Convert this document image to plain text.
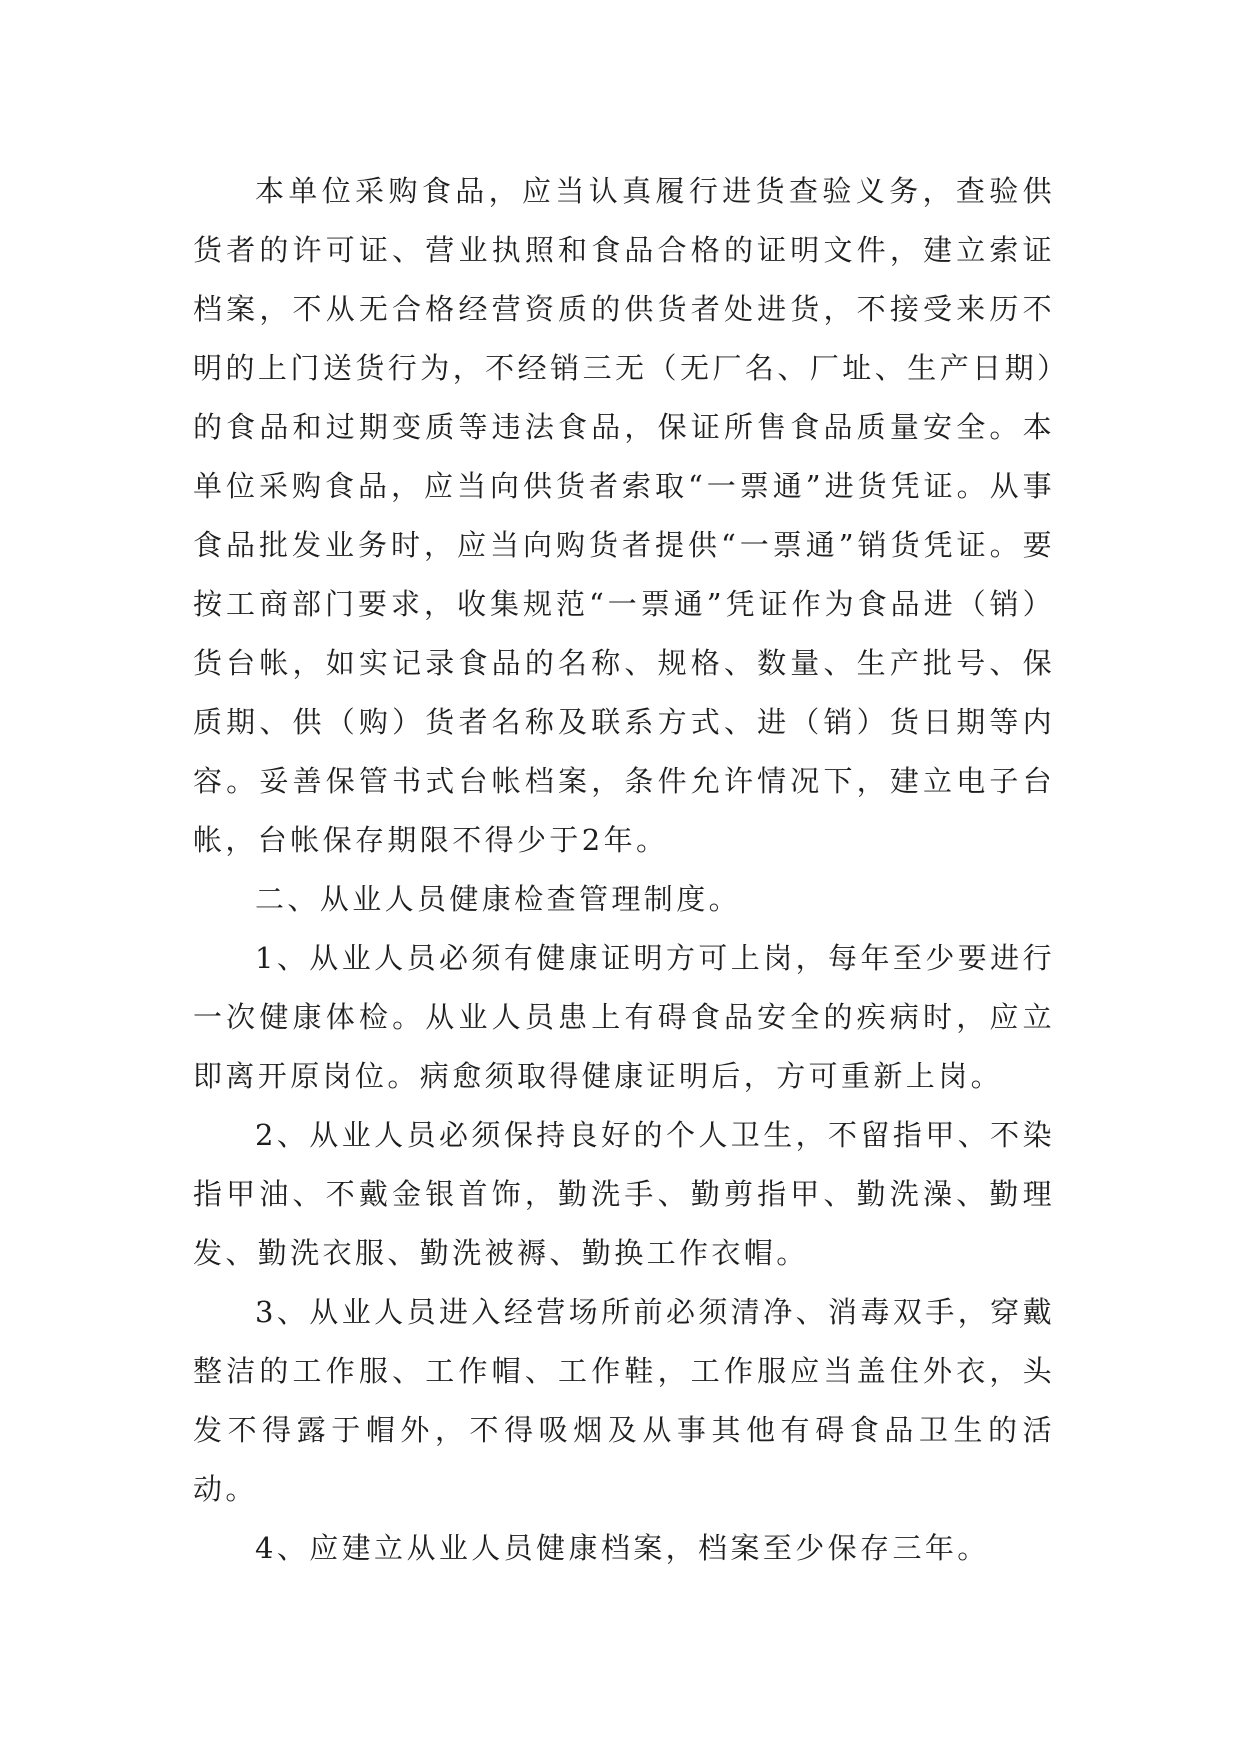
本单位采购食品，应当认真履行进货查验义务，查验供货者的许可证、营业执照和食品合格的证明文件，建立索证档案，不从无合格经营资质的供货者处进货，不接受来历不明的上门送货行为，不经销三无（无厂名、厂址、生产日期）的食品和过期变质等违法食品，保证所售食品质量安全。本单位采购食品，应当向供货者索取“一票通”进货凭证。从事食品批发业务时，应当向购货者提供“一票通”销货凭证。要按工商部门要求，收集规范“一票通”凭证作为食品进（销）货台帐，如实记录食品的名称、规格、数量、生产批号、保质期、供（购）货者名称及联系方式、进（销）货日期等内容。妥善保管书式台帐档案，条件允许情况下，建立电子台帐，台帐保存期限不得少于2年。

二、从业人员健康检查管理制度。

1、从业人员必须有健康证明方可上岗，每年至少要进行一次健康体检。从业人员患上有碍食品安全的疾病时，应立即离开原岗位。病愈须取得健康证明后，方可重新上岗。

2、从业人员必须保持良好的个人卫生，不留指甲、不染指甲油、不戴金银首饰，勤洗手、勤剪指甲、勤洗澡、勤理发、勤洗衣服、勤洗被褥、勤换工作衣帽。

3、从业人员进入经营场所前必须清净、消毒双手，穿戴整洁的工作服、工作帽、工作鞋，工作服应当盖住外衣，头发不得露于帽外，不得吸烟及从事其他有碍食品卫生的活动。

4、应建立从业人员健康档案，档案至少保存三年。
